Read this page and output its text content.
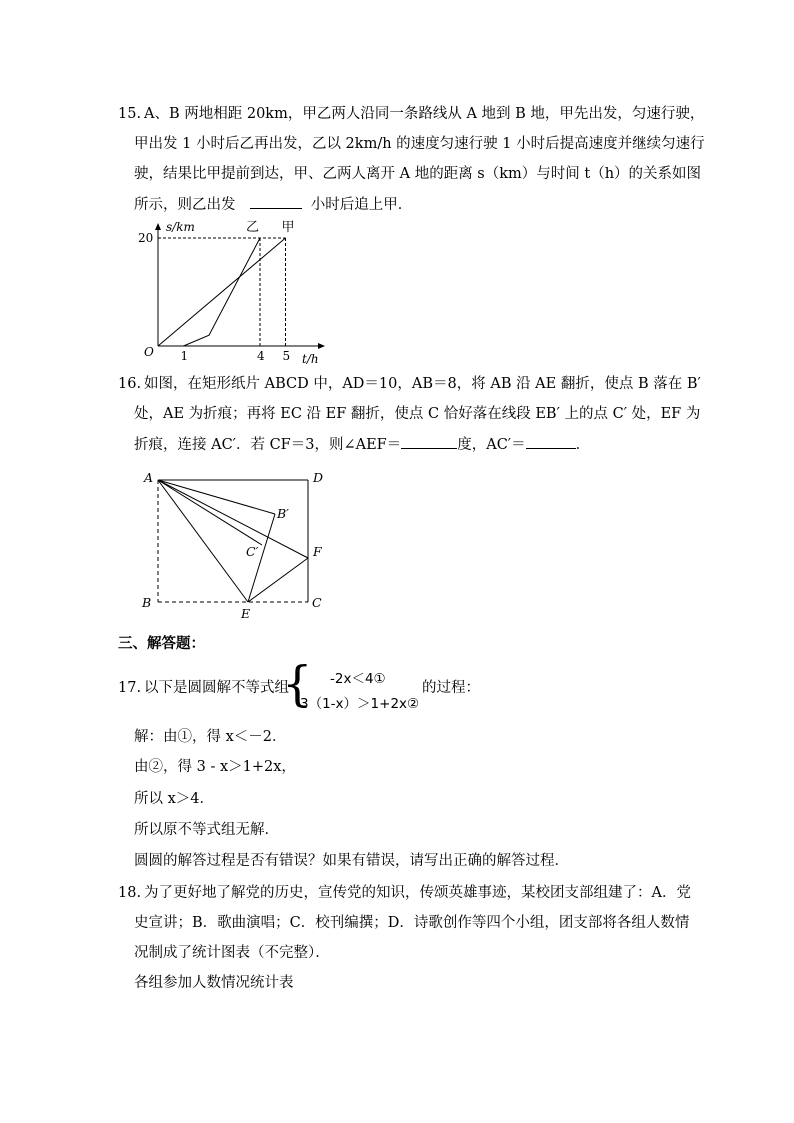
15. A、B 两地相距 20km，甲乙两人沿同一条路线从 A 地到 B 地，甲先出发，匀速行驶，
甲出发 1 小时后乙再出发，乙以 2km/h 的速度匀速行驶 1 小时后提高速度并继续匀速行
驶，结果比甲提前到达，甲、乙两人离开 A 地的距离 s（km）与时间 t（h）的关系如图
所示，则乙出发	小时后追上甲．
s/km
t/h
O
甲
乙
20
1	4 5
16. 如图，在矩形纸片 ABCD 中，AD＝10，AB＝8，将 AB 沿 AE 翻折，使点 B 落在 B′
处，AE 为折痕；再将 EC 沿 EF 翻折，使点 C 恰好落在线段 EB′ 上的点 C′ 处，EF 为
折痕，连接 AC′．若 CF＝3，则∠AEF＝	度，AC′＝	．
A	D
B	C
E
F
B′
C′
三、解答题：
17. 以下是圆圆解不等式组
{ -2x＜4①
3（1-x）＞1+2x②
的过程：
解：由①，得 x＜－2．
由②，得 3 - x＞1+2x，
所以 x＞4．
所以原不等式组无解．
圆圆的解答过程是否有错误？如果有错误，请写出正确的解答过程．
18. 为了更好地了解党的历史，宣传党的知识，传颂英雄事迹，某校团支部组建了：A．党
史宣讲；B．歌曲演唱；C．校刊编撰；D．诗歌创作等四个小组，团支部将各组人数情
况制成了统计图表（不完整）．
各组参加人数情况统计表
